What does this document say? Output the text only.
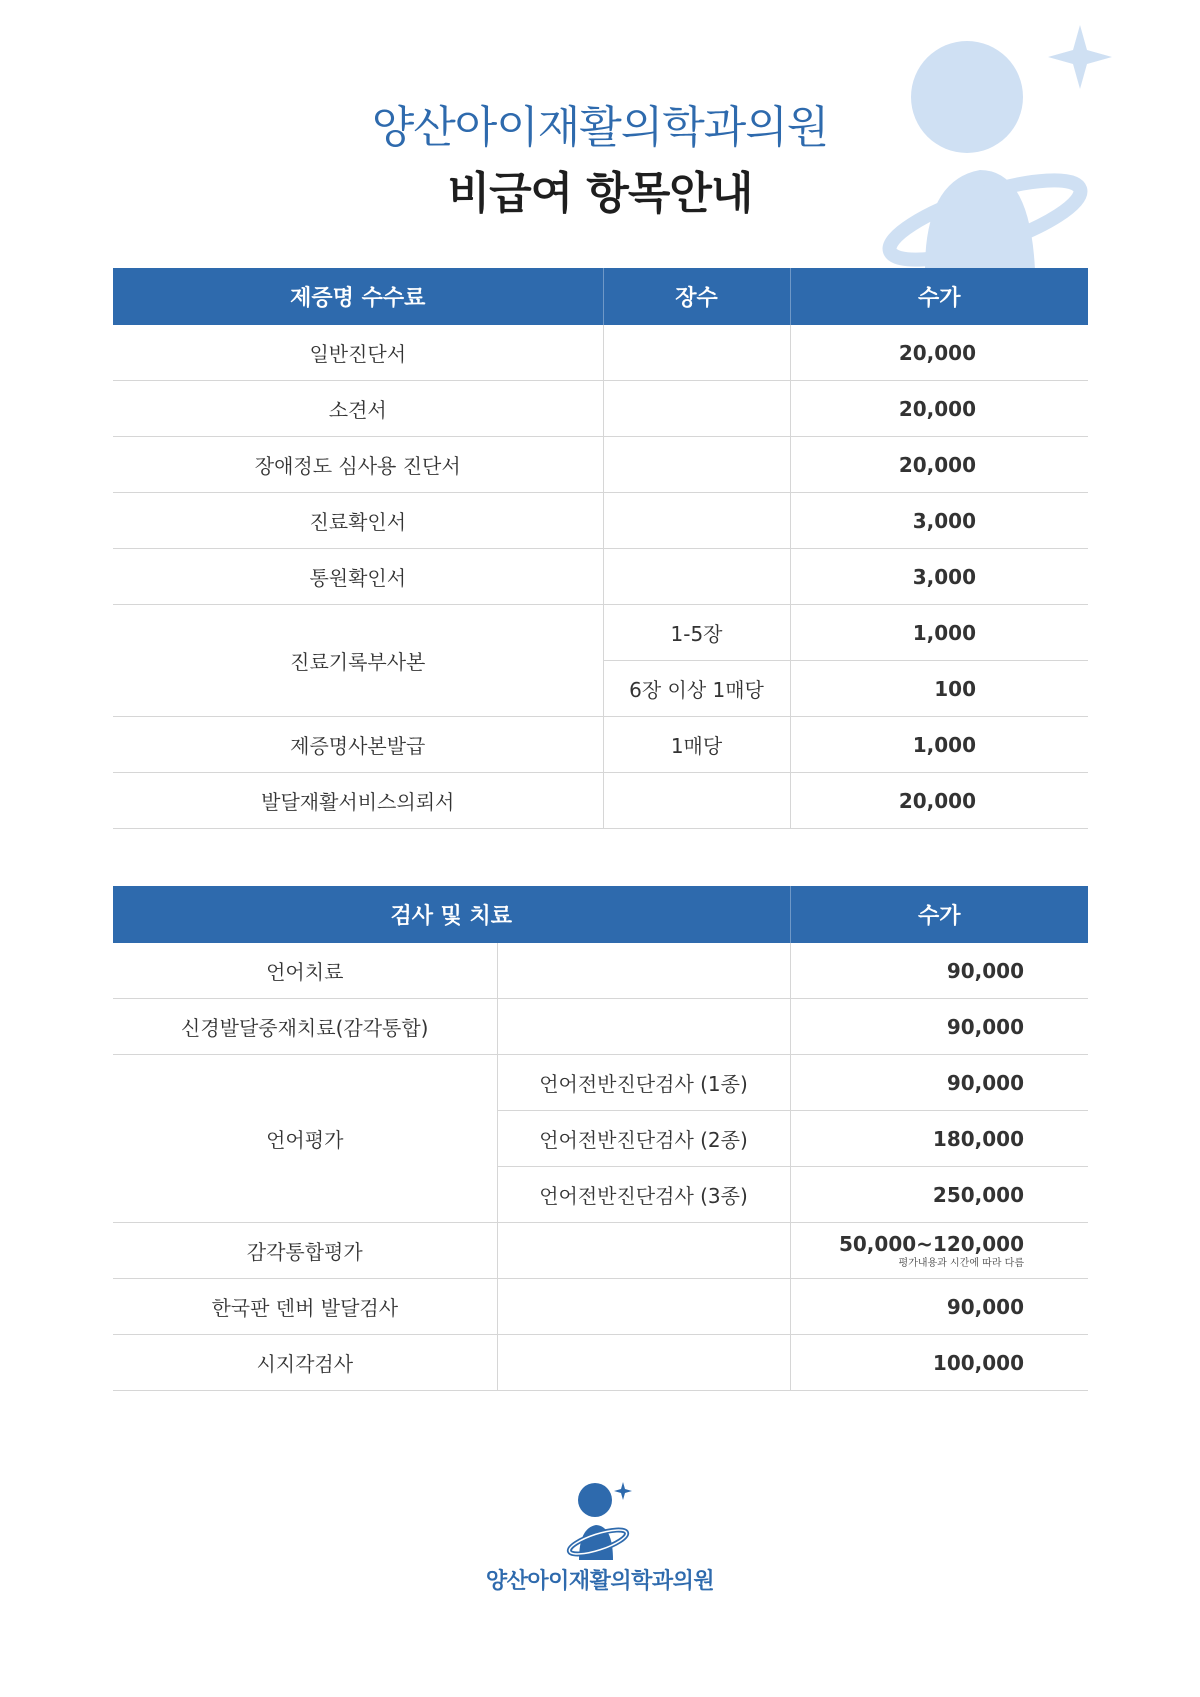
양산아이재활의학과의원
비급여 항목안내
제증명 수수료	장수	수가
일반진단서		20,000
소견서		20,000
장애정도 심사용 진단서		20,000
진료확인서		3,000
통원확인서		3,000
진료기록부사본	1-5장	1,000
	6장 이상 1매당	100
제증명사본발급	1매당	1,000
발달재활서비스의뢰서		20,000
검사 및 치료		수가
언어치료		90,000
신경발달중재치료(감각통합)		90,000
언어평가	언어전반진단검사 (1종)	90,000
	언어전반진단검사 (2종)	180,000
	언어전반진단검사 (3종)	250,000
감각통합평가		50,000~120,000
평가내용과 시간에 따라 다름

한국판 덴버 발달검사		90,000
시지각검사		100,000
양산아이재활의학과의원
